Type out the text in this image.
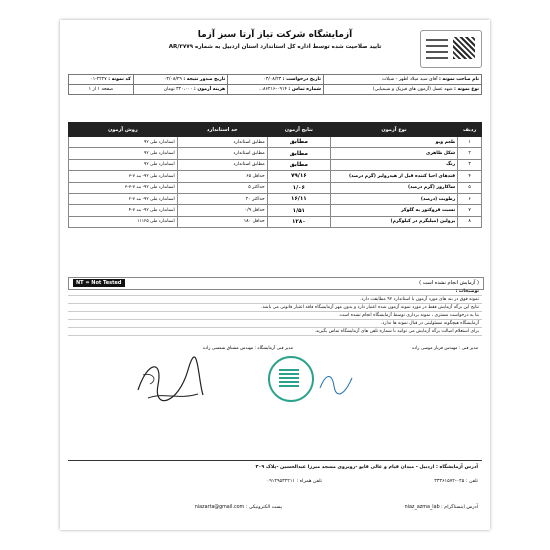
آزمایشگاه شرکت تیاز آرتا سبز آزما
تایید صلاحیت شده توسط اداره کل استاندارد استان اردبیل به شماره ۳۷۷۹/AR
نام صاحب نمونه : آقای سید میلاد اطهر - شیلات	تاریخ درخواست : ۰۳/۰۸/۲۳	تاریخ صدور نتیجه : ۰۳/۰۸/۲۹	کد نمونه : ۲۲۲۷-۰۱
نوع نمونه : شهد عسل (آزمون های فیزیک و شیمیایی)	شماره تماس : ۰۹۱۴-۸۶۲۱۶...	هزینه آزمون : ۳۲۰،۰۰۰ تومان	صفحه ۱ از ۱
ردیف	نوع آزمون	نتایج آزمون	حد استاندارد	روش آزمون
۱	طعم وبو	مطابق	مطابق استاندارد	استاندارد ملی ۹۲
۲	شکل ظاهری	مطابق	مطابق استاندارد	استاندارد ملی ۹۲
۳	رنگ	مطابق	مطابق استاندارد	استاندارد ملی ۹۲
۴	قندهای احیا کننده قبل از هیدرولیز (گرم درصد)	۷۹/۱۶	حداقل ۶۵	استاندارد ملی ۹۲- بند ۷-۳
۵	ساکاروز (گرم درصد)	۱/۰۶	حداکثر ۵	استاندارد ملی ۹۲- بند ۷-۳-۳
۶	رطوبت (درصد)	۱۶/۱۱	حداکثر ۲۰	استاندارد ملی ۹۲- بند ۷-۲
۷	نسبت فروکتوز به گلوکز	۱/۵۱	حداقل ۰/۹	استاندارد ملی ۹۲- بند ۷-۴
۸	پرولین (میلیگرم در کیلوگرم)	۱۲۸۰	حداقل ۱۸۰	استاندارد ملی ۱۱۱۲۵
( آزمایش انجام نشده است )
NT = Not Tested
توضیحات :
نمونه فوق در بند های مورد آزمون با استاندارد ۹۲ مطابقت دارد.
نتایج این برگه آزمایش فقط در مورد نمونه آزمون شده اعتبار دارد و بدون مهر آزمایشگاه فاقد اعتبار قانونی می باشد.
بنا به درخواست مشتری ، نمونه برداری توسط آزمایشگاه انجام نشده است.
آزمایشگاه هیچگونه مسئولیتی در قبال نمونه ها ندارد.
برای استعلام اصالت برگه آزمایش می توانید با شماره تلفن های آزمایشگاه تماس بگیرید.
مدیر فنی : مهندس فرناز موسی زاده
مدیر فنی آزمایشگاه : مهندس مشتاق شمسی زاده
آدرس آزمایشگاه : اردبیل - میدان قیام و عالی قاپو -روبروی مسجد میرزا عبدالحسین -پلاک ۳۰۹
تلفن : ۰۴۵-۳۳۳۶۱۵۷۲
تلفن همراه : ۰۹۱۴۹۵۳۲۲۱۱
آدرس اینستاگرام : niaz_azma_lab
پست الکترونیکی : niazarta@gmail.com
